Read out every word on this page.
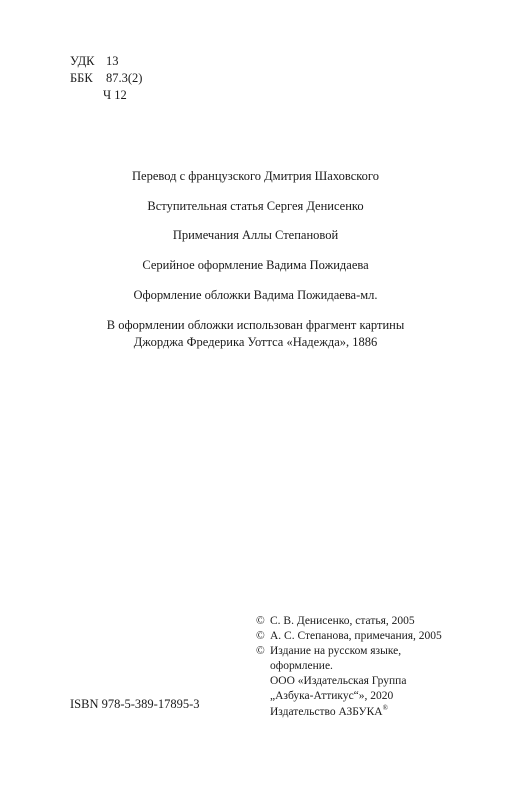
УДК 13
ББК	87.3(2)
Ч 12
Перевод с французского Дмитрия Шаховского
Вступительная статья Сергея Денисенко
Примечания Аллы Степановой
Серийное оформление Вадима Пожидаева
Оформление обложки Вадима Пожидаева-мл.
В оформлении обложки использован фрагмент картины
Джорджа Фредерика Уоттса «Надежда», 1886
© С. В. Денисенко, статья, 2005
© А. С. Степанова, примечания, 2005
© Издание на русском языке,
оформление.
ООО «Издательская Группа
„Азбука-Аттикус“», 2020
Издательство АЗБУКА®
ISBN 978-5-389-17895-3
